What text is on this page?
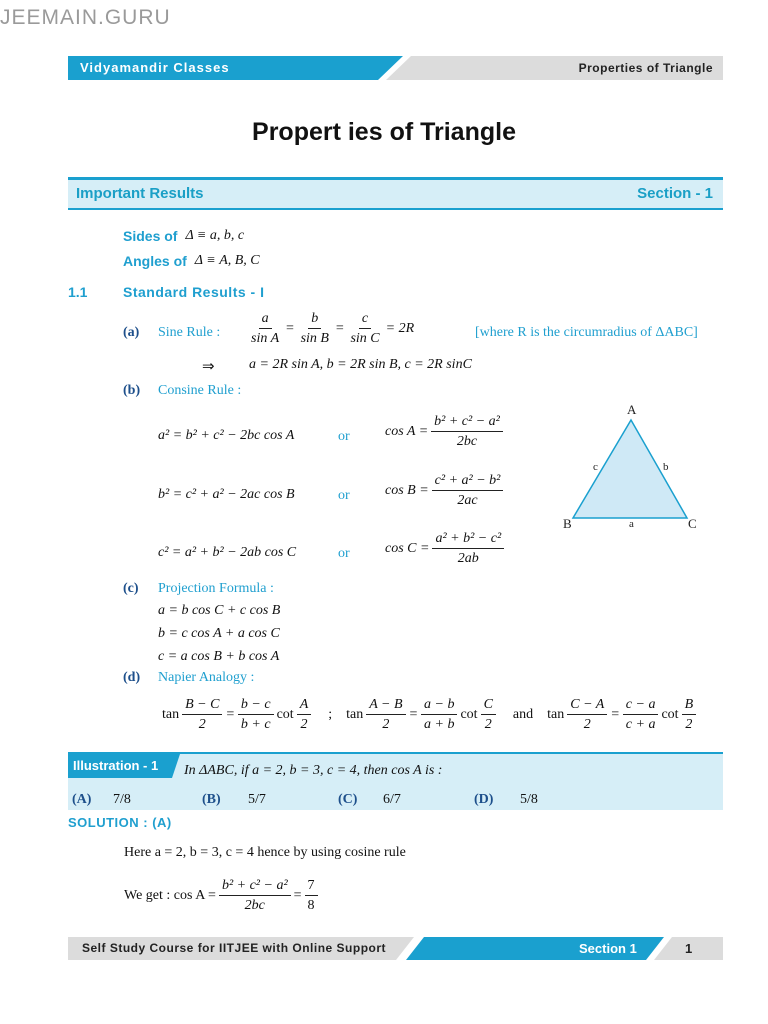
JEEMAIN.GURU
Vidyamandir Classes	Properties of Triangle
Propert ies of Triangle
Important Results	Section - 1
Sides of Δ ≡ a, b, c
Angles of Δ ≡ A, B, C
1.1	Standard Results - I
(a) Sine Rule : $\frac{a}{\text{sin A}} = \frac{b}{\text{sin B}} = \frac{c}{\text{sin C}} = 2R$	[where R is the circumradius of ΔABC]
⇒ a = 2R sin A, b = 2R sin B, c = 2R sinC
(b) Consine Rule :
a² = b² + c² − 2bc cos A	or	$\cos A = \frac{\text{b² + c² − a²}}{2bc}$
b² = c² + a² − 2ac cos B	or	$\cos B = \frac{\text{c² + a² − b²}}{2ac}$
c² = a² + b² − 2ab cos C	or	$\cos C = \frac{\text{a² + b² − c²}}{2ab}$
A
B	C
a
b
c
(c) Projection Formula :
a = b cos C + c cos B
b = c cos A + a cos C
c = a cos B + b cos A
(d) Napier Analogy :
$\tan \frac{B - C}{2} = \frac{b - c}{b + c}$ $\cot \frac{A}{2}$ ; $\tan \frac{A - B}{2} = \frac{a - b}{a + b}$ $\cot \frac{C}{2}$ and $\tan \frac{C - A}{2} = \frac{c - a}{c + a}$ $\cot \frac{B}{2}$
Illustration - 1 In ΔABC, if a = 2, b = 3, c = 4, then cos A is :
(A)	7/8	(B)	5/7	(C)	6/7	(D)	5/8
SOLUTION : (A)
Here a = 2, b = 3, c = 4 hence by using cosine rule
We get : $\cos A = \frac{\text{b² + c² − a²}}{2bc} = \frac{7}{8}$
Self Study Course for IITJEE with Online Support	Section 1	1
